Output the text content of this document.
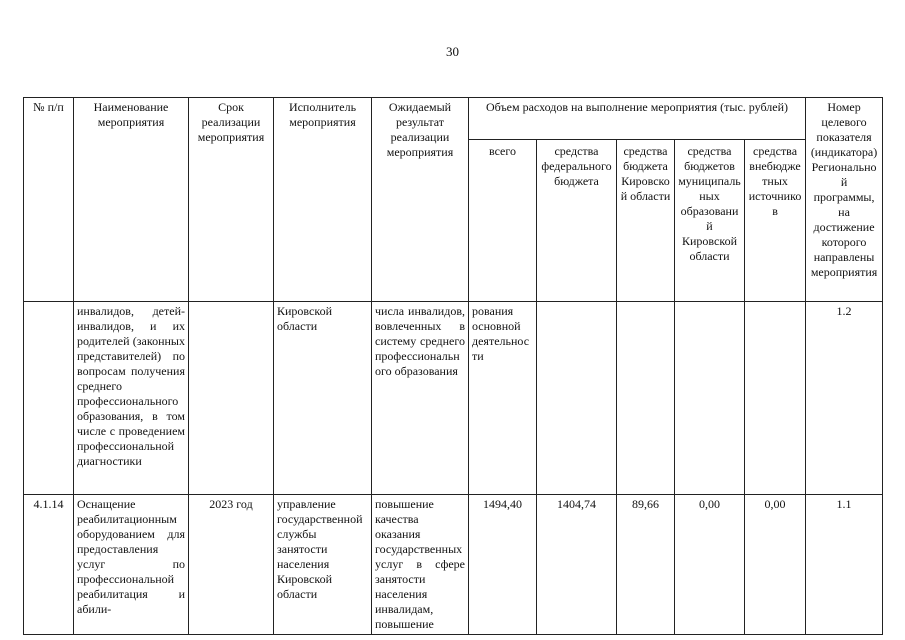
30
№ п/п	Наименование мероприятия	Срок реализации мероприятия	Исполнитель мероприятия	Ожидаемый результат реализации мероприятия	Объем расходов на выполнение мероприятия (тыс. рублей)					Номер целевого показателя (индикатора) Региональной программы, на достижение которого направлены мероприятия
					всего	средства федерального бюджета	средства бюджета Кировской области	средства бюджетов муниципальных образований Кировской области	средства внебюджетных источников	
	инвалидов, детей-инвалидов, и их родителей (законных представителей) по вопросам получения среднего профессионального образования, в том числе с проведением профессиональной диагностики		Кировской области	числа инвалидов, вовлеченных в систему среднего профессионального образования	рования основной деятельности					1.2
4.1.14	Оснащение реабилитационным оборудованием для предоставления услуг по профессиональной реабилитация и абили-	2023 год	управление государственной службы занятости населения Кировской области	повышение качества оказания государственных услуг в сфере занятости населения инвалидам, повышение	1494,40	1404,74	89,66	0,00	0,00	1.1
